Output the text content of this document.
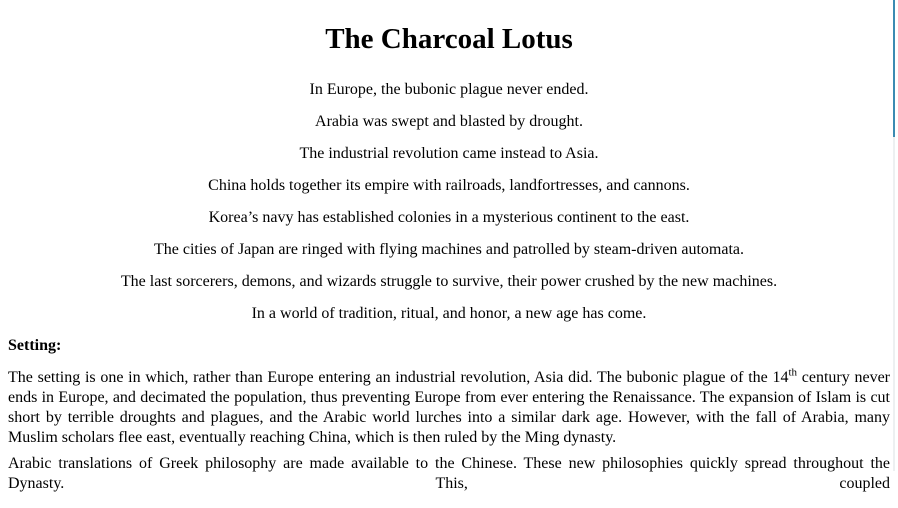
The Charcoal Lotus

In Europe, the bubonic plague never ended.

Arabia was swept and blasted by drought.

The industrial revolution came instead to Asia.

China holds together its empire with railroads, landfortresses, and cannons.

Korea’s navy has established colonies in a mysterious continent to the east.

The cities of Japan are ringed with flying machines and patrolled by steam-driven automata.

The last sorcerers, demons, and wizards struggle to survive, their power crushed by the new machines.

In a world of tradition, ritual, and honor, a new age has come.

Setting:

The setting is one in which, rather than Europe entering an industrial revolution, Asia did. The bubonic plague of the 14th century never ends in Europe, and decimated the population, thus preventing Europe from ever entering the Renaissance. The expansion of Islam is cut short by terrible droughts and plagues, and the Arabic world lurches into a similar dark age. However, with the fall of Arabia, many Muslim scholars flee east, eventually reaching China, which is then ruled by the Ming dynasty.

Arabic translations of Greek philosophy are made available to the Chinese. These new philosophies quickly spread throughout the Dynasty. This, coupled
